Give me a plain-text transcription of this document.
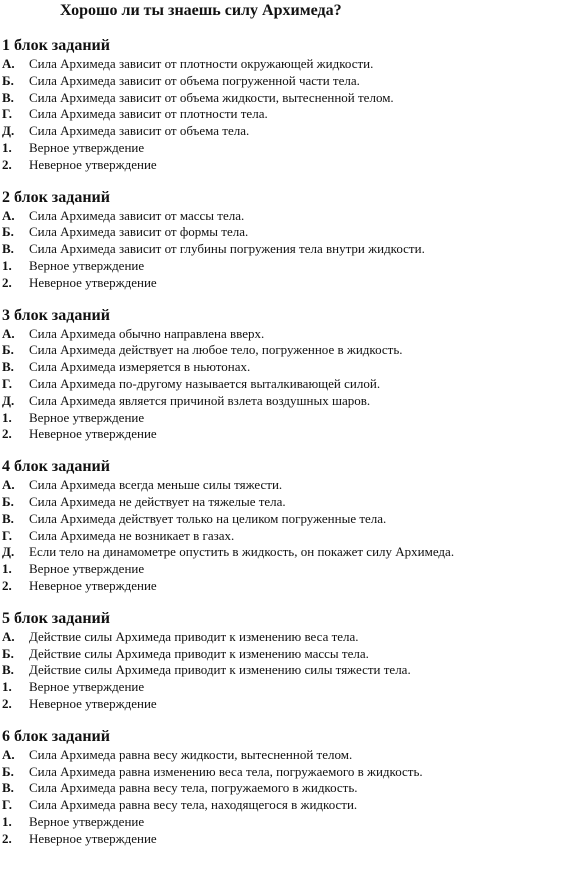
Хорошо ли ты знаешь силу Архимеда?
1 блок заданий
А. Сила Архимеда зависит от плотности окружающей жидкости.
Б. Сила Архимеда зависит от объема погруженной части тела.
В. Сила Архимеда зависит от объема жидкости, вытесненной телом.
Г. Сила Архимеда зависит от плотности тела.
Д. Сила Архимеда зависит от объема тела.
1. Верное утверждение
2. Неверное утверждение
2 блок заданий
А. Сила Архимеда зависит от массы тела.
Б. Сила Архимеда зависит от формы тела.
В. Сила Архимеда зависит от глубины погружения тела внутри жидкости.
1. Верное утверждение
2. Неверное утверждение
3 блок заданий
А. Сила Архимеда обычно направлена вверх.
Б. Сила Архимеда действует на любое тело, погруженное в жидкость.
В. Сила Архимеда измеряется в ньютонах.
Г. Сила Архимеда по-другому называется выталкивающей силой.
Д. Сила Архимеда является причиной взлета воздушных шаров.
1. Верное утверждение
2. Неверное утверждение
4 блок заданий
А. Сила Архимеда всегда меньше силы тяжести.
Б. Сила Архимеда не действует на тяжелые тела.
В. Сила Архимеда действует только на целиком погруженные тела.
Г. Сила Архимеда не возникает в газах.
Д. Если тело на динамометре опустить в жидкость, он покажет силу Архимеда.
1. Верное утверждение
2. Неверное утверждение
5 блок заданий
А. Действие силы Архимеда приводит к изменению веса тела.
Б. Действие силы Архимеда приводит к изменению массы тела.
В. Действие силы Архимеда приводит к изменению силы тяжести тела.
1. Верное утверждение
2. Неверное утверждение
6 блок заданий
А. Сила Архимеда равна весу жидкости, вытесненной телом.
Б. Сила Архимеда равна изменению веса тела, погружаемого в жидкость.
В. Сила Архимеда равна весу тела, погружаемого в жидкость.
Г. Сила Архимеда равна весу тела, находящегося в жидкости.
1. Верное утверждение
2. Неверное утверждение
